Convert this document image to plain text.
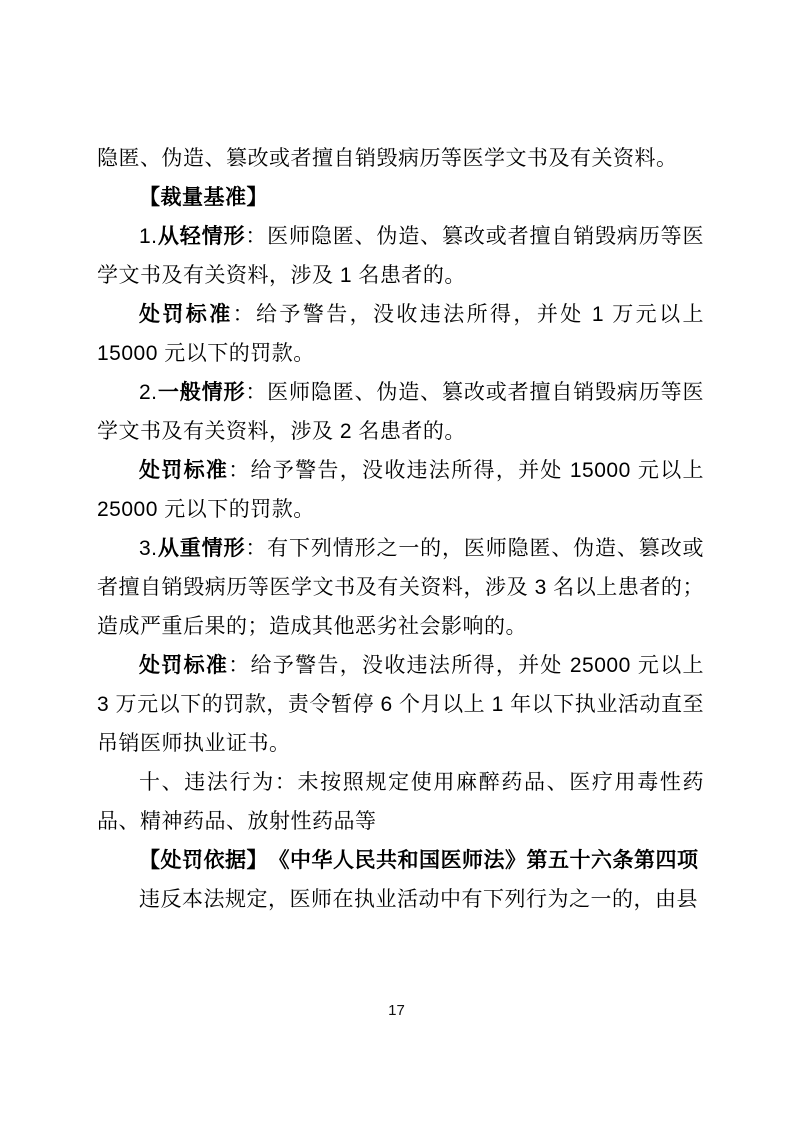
隐匿、伪造、篡改或者擅自销毁病历等医学文书及有关资料。

【裁量基准】

1.从轻情形：医师隐匿、伪造、篡改或者擅自销毁病历等医学文书及有关资料，涉及 1 名患者的。

处罚标准：给予警告，没收违法所得，并处 1 万元以上 15000 元以下的罚款。

2.一般情形：医师隐匿、伪造、篡改或者擅自销毁病历等医学文书及有关资料，涉及 2 名患者的。

处罚标准：给予警告，没收违法所得，并处 15000 元以上 25000 元以下的罚款。

3.从重情形：有下列情形之一的，医师隐匿、伪造、篡改或者擅自销毁病历等医学文书及有关资料，涉及 3 名以上患者的；造成严重后果的；造成其他恶劣社会影响的。

处罚标准：给予警告，没收违法所得，并处 25000 元以上 3 万元以下的罚款，责令暂停 6 个月以上 1 年以下执业活动直至吊销医师执业证书。

十、违法行为：未按照规定使用麻醉药品、医疗用毒性药品、精神药品、放射性药品等

【处罚依据】　《中华人民共和国医师法》第五十六条第四项

违反本法规定，医师在执业活动中有下列行为之一的，由县

17
